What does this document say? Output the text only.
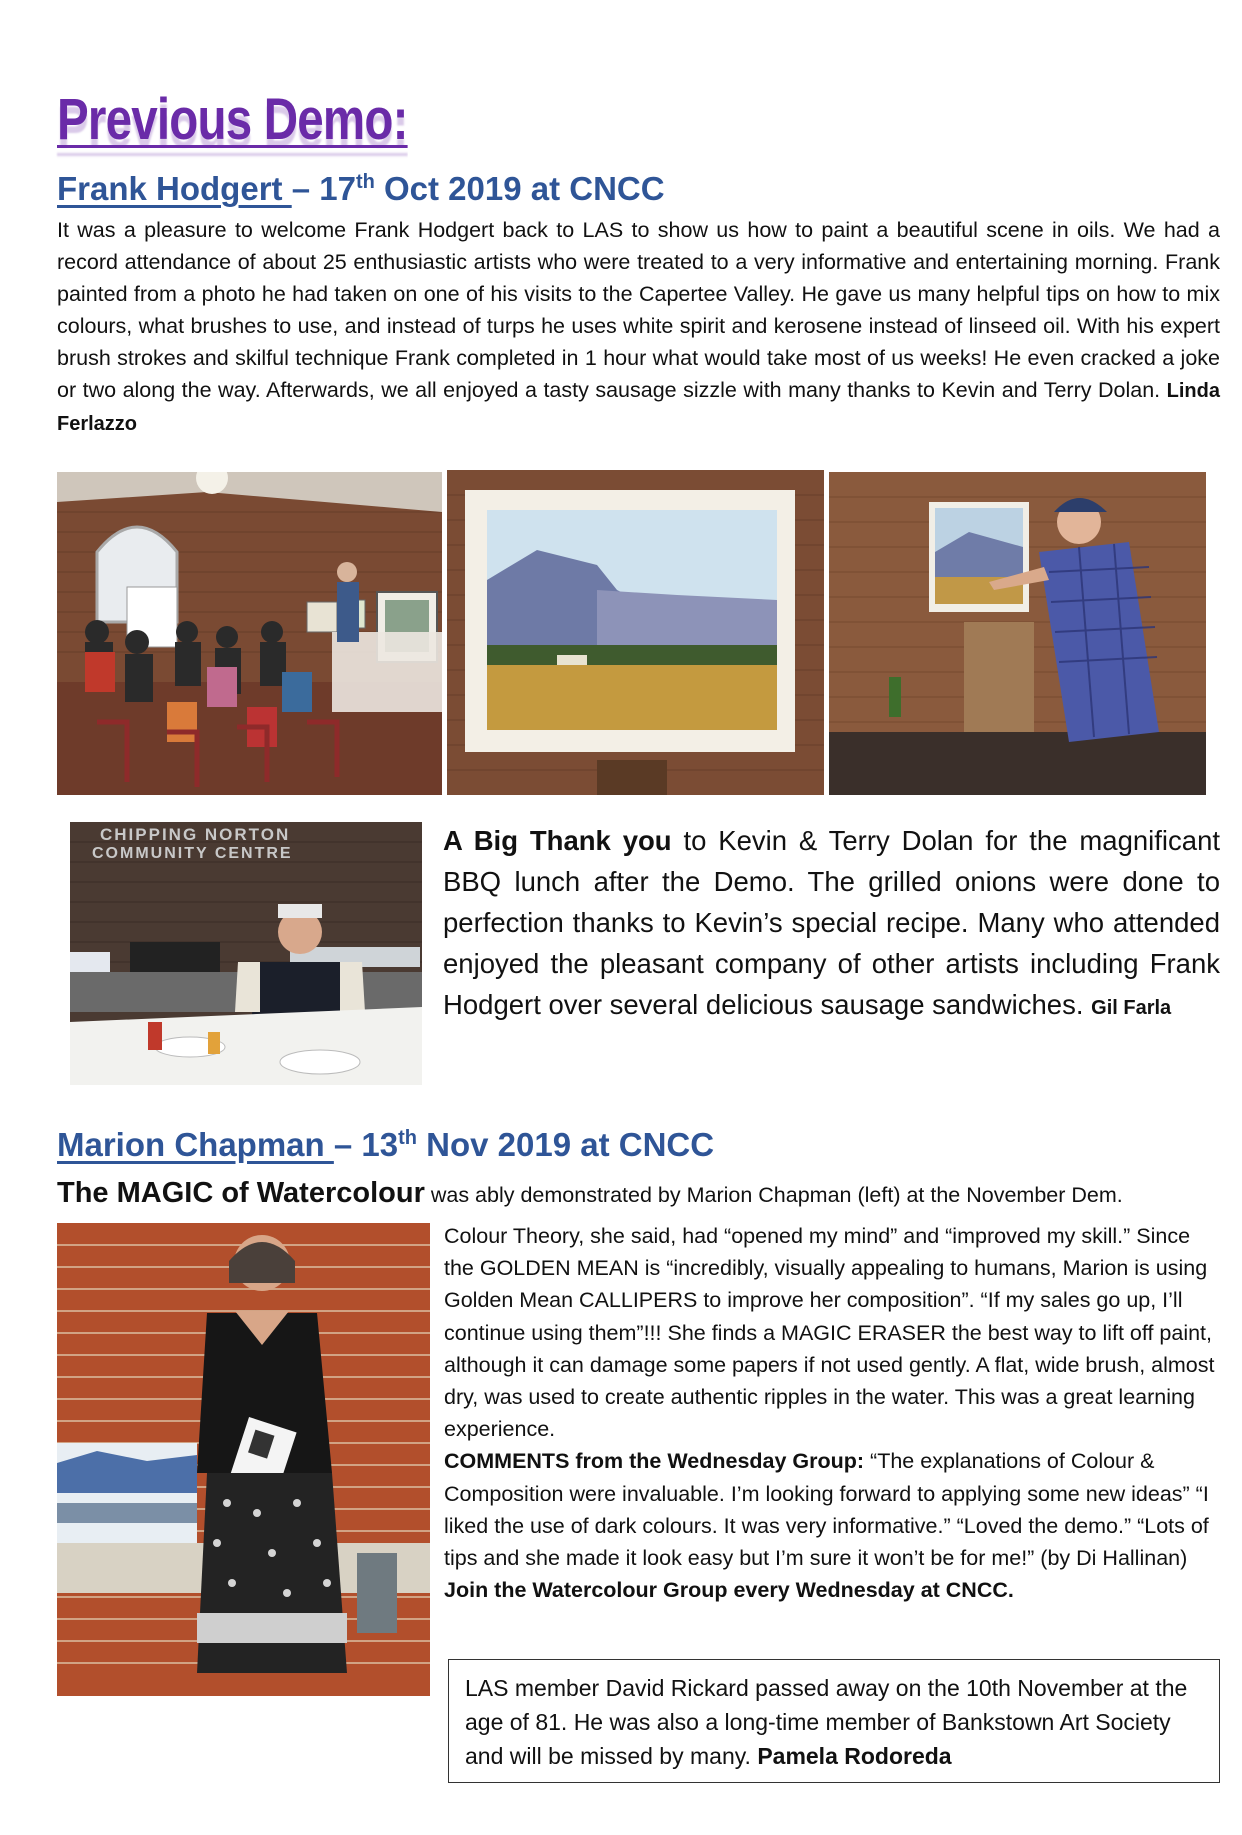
Previous Demo:
Frank Hodgert – 17th Oct 2019 at CNCC

It was a pleasure to welcome Frank Hodgert back to LAS to show us how to paint a beautiful scene in oils. We had a record attendance of about 25 enthusiastic artists who were treated to a very informative and entertaining morning. Frank painted from a photo he had taken on one of his visits to the Capertee Valley. He gave us many helpful tips on how to mix colours, what brushes to use, and instead of turps he uses white spirit and kerosene instead of linseed oil. With his expert brush strokes and skilful technique Frank completed in 1 hour what would take most of us weeks! He even cracked a joke or two along the way. Afterwards, we all enjoyed a tasty sausage sizzle with many thanks to Kevin and Terry Dolan. Linda Ferlazzo

CHIPPING NORTON
COMMUNITY CENTRE	A Big Thank you to Kevin & Terry Dolan for the magnificant BBQ lunch after the Demo. The grilled onions were done to perfection thanks to Kevin’s special recipe. Many who attended enjoyed the pleasant company of other artists including Frank Hodgert over several delicious sausage sandwiches. Gil Farla

Marion Chapman – 13th Nov 2019 at CNCC

The MAGIC of Watercolour was ably demonstrated by Marion Chapman (left) at the November Dem.

Colour Theory, she said, had “opened my mind” and “improved my skill.” Since the GOLDEN MEAN is “incredibly, visually appealing to humans, Marion is using Golden Mean CALLIPERS to improve her composition”. “If my sales go up, I’ll continue using them”!!! She finds a MAGIC ERASER the best way to lift off paint, although it can damage some papers if not used gently. A flat, wide brush, almost dry, was used to create authentic ripples in the water. This was a great learning experience.
COMMENTS from the Wednesday Group: “The explanations of Colour & Composition were invaluable. I’m looking forward to applying some new ideas” “I liked the use of dark colours. It was very informative.” “Loved the demo.” “Lots of tips and she made it look easy but I’m sure it won’t be for me!” (by Di Hallinan)
Join the Watercolour Group every Wednesday at CNCC.
LAS member David Rickard passed away on the 10th November at the age of 81. He was also a long-time member of Bankstown Art Society and will be missed by many. Pamela Rodoreda
